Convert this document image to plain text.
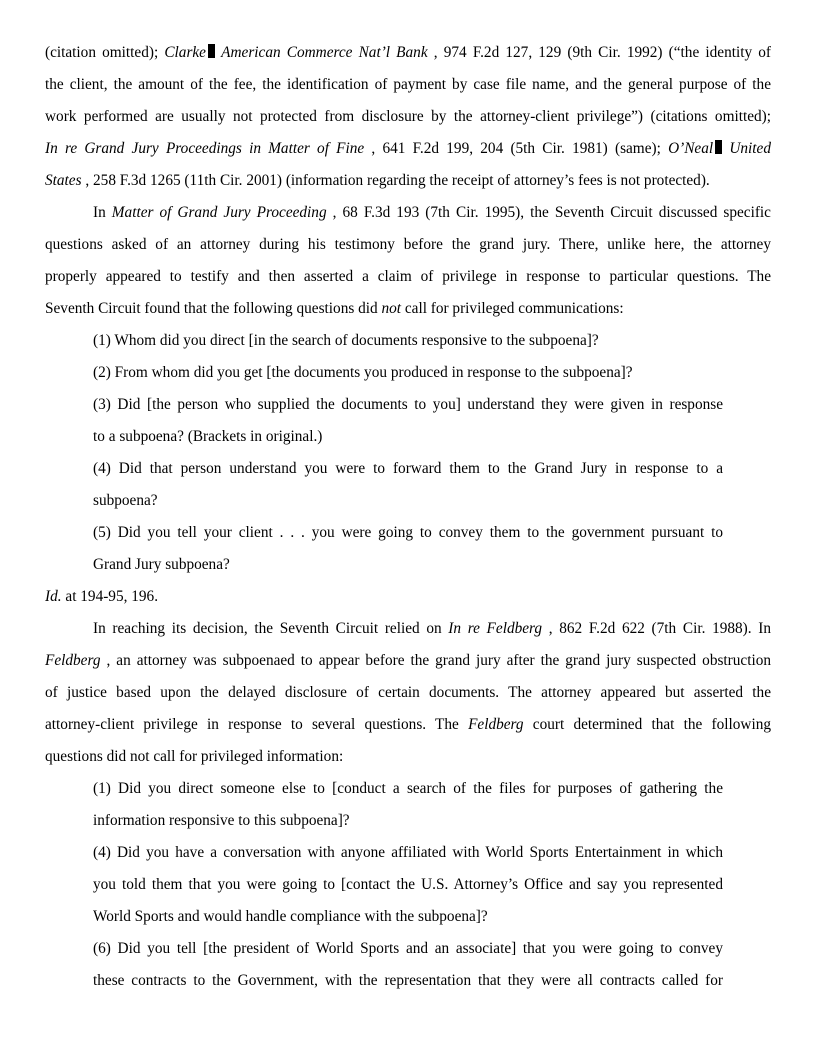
(citation omitted); Clarke American Commerce Nat’l Bank , 974 F.2d 127, 129 (9th Cir. 1992) (“the identity of
the client, the amount of the fee, the identification of payment by case file name, and the general purpose of the
work performed are usually not protected from disclosure by the attorney-client privilege”) (citations omitted);
In re Grand Jury Proceedings in Matter of Fine , 641 F.2d 199, 204 (5th Cir. 1981) (same); O’Neal United
States , 258 F.3d 1265 (11th Cir. 2001) (information regarding the receipt of attorney’s fees is not protected).
In Matter of Grand Jury Proceeding , 68 F.3d 193 (7th Cir. 1995), the Seventh Circuit discussed specific
questions asked of an attorney during his testimony before the grand jury. There, unlike here, the attorney
properly appeared to testify and then asserted a claim of privilege in response to particular questions. The
Seventh Circuit found that the following questions did not call for privileged communications:
(1) Whom did you direct [in the search of documents responsive to the subpoena]?
(2) From whom did you get [the documents you produced in response to the subpoena]?
(3) Did [the person who supplied the documents to you] understand they were given in response
to a subpoena? (Brackets in original.)
(4) Did that person understand you were to forward them to the Grand Jury in response to a
subpoena?
(5) Did you tell your client . . . you were going to convey them to the government pursuant to
Grand Jury subpoena?
Id. at 194-95, 196.
In reaching its decision, the Seventh Circuit relied on In re Feldberg , 862 F.2d 622 (7th Cir. 1988). In
Feldberg , an attorney was subpoenaed to appear before the grand jury after the grand jury suspected obstruction
of justice based upon the delayed disclosure of certain documents. The attorney appeared but asserted the
attorney-client privilege in response to several questions. The Feldberg court determined that the following
questions did not call for privileged information:
(1) Did you direct someone else to [conduct a search of the files for purposes of gathering the
information responsive to this subpoena]?
(4) Did you have a conversation with anyone affiliated with World Sports Entertainment in which
you told them that you were going to [contact the U.S. Attorney’s Office and say you represented
World Sports and would handle compliance with the subpoena]?
(6) Did you tell [the president of World Sports and an associate] that you were going to convey
these contracts to the Government, with the representation that they were all contracts called for
